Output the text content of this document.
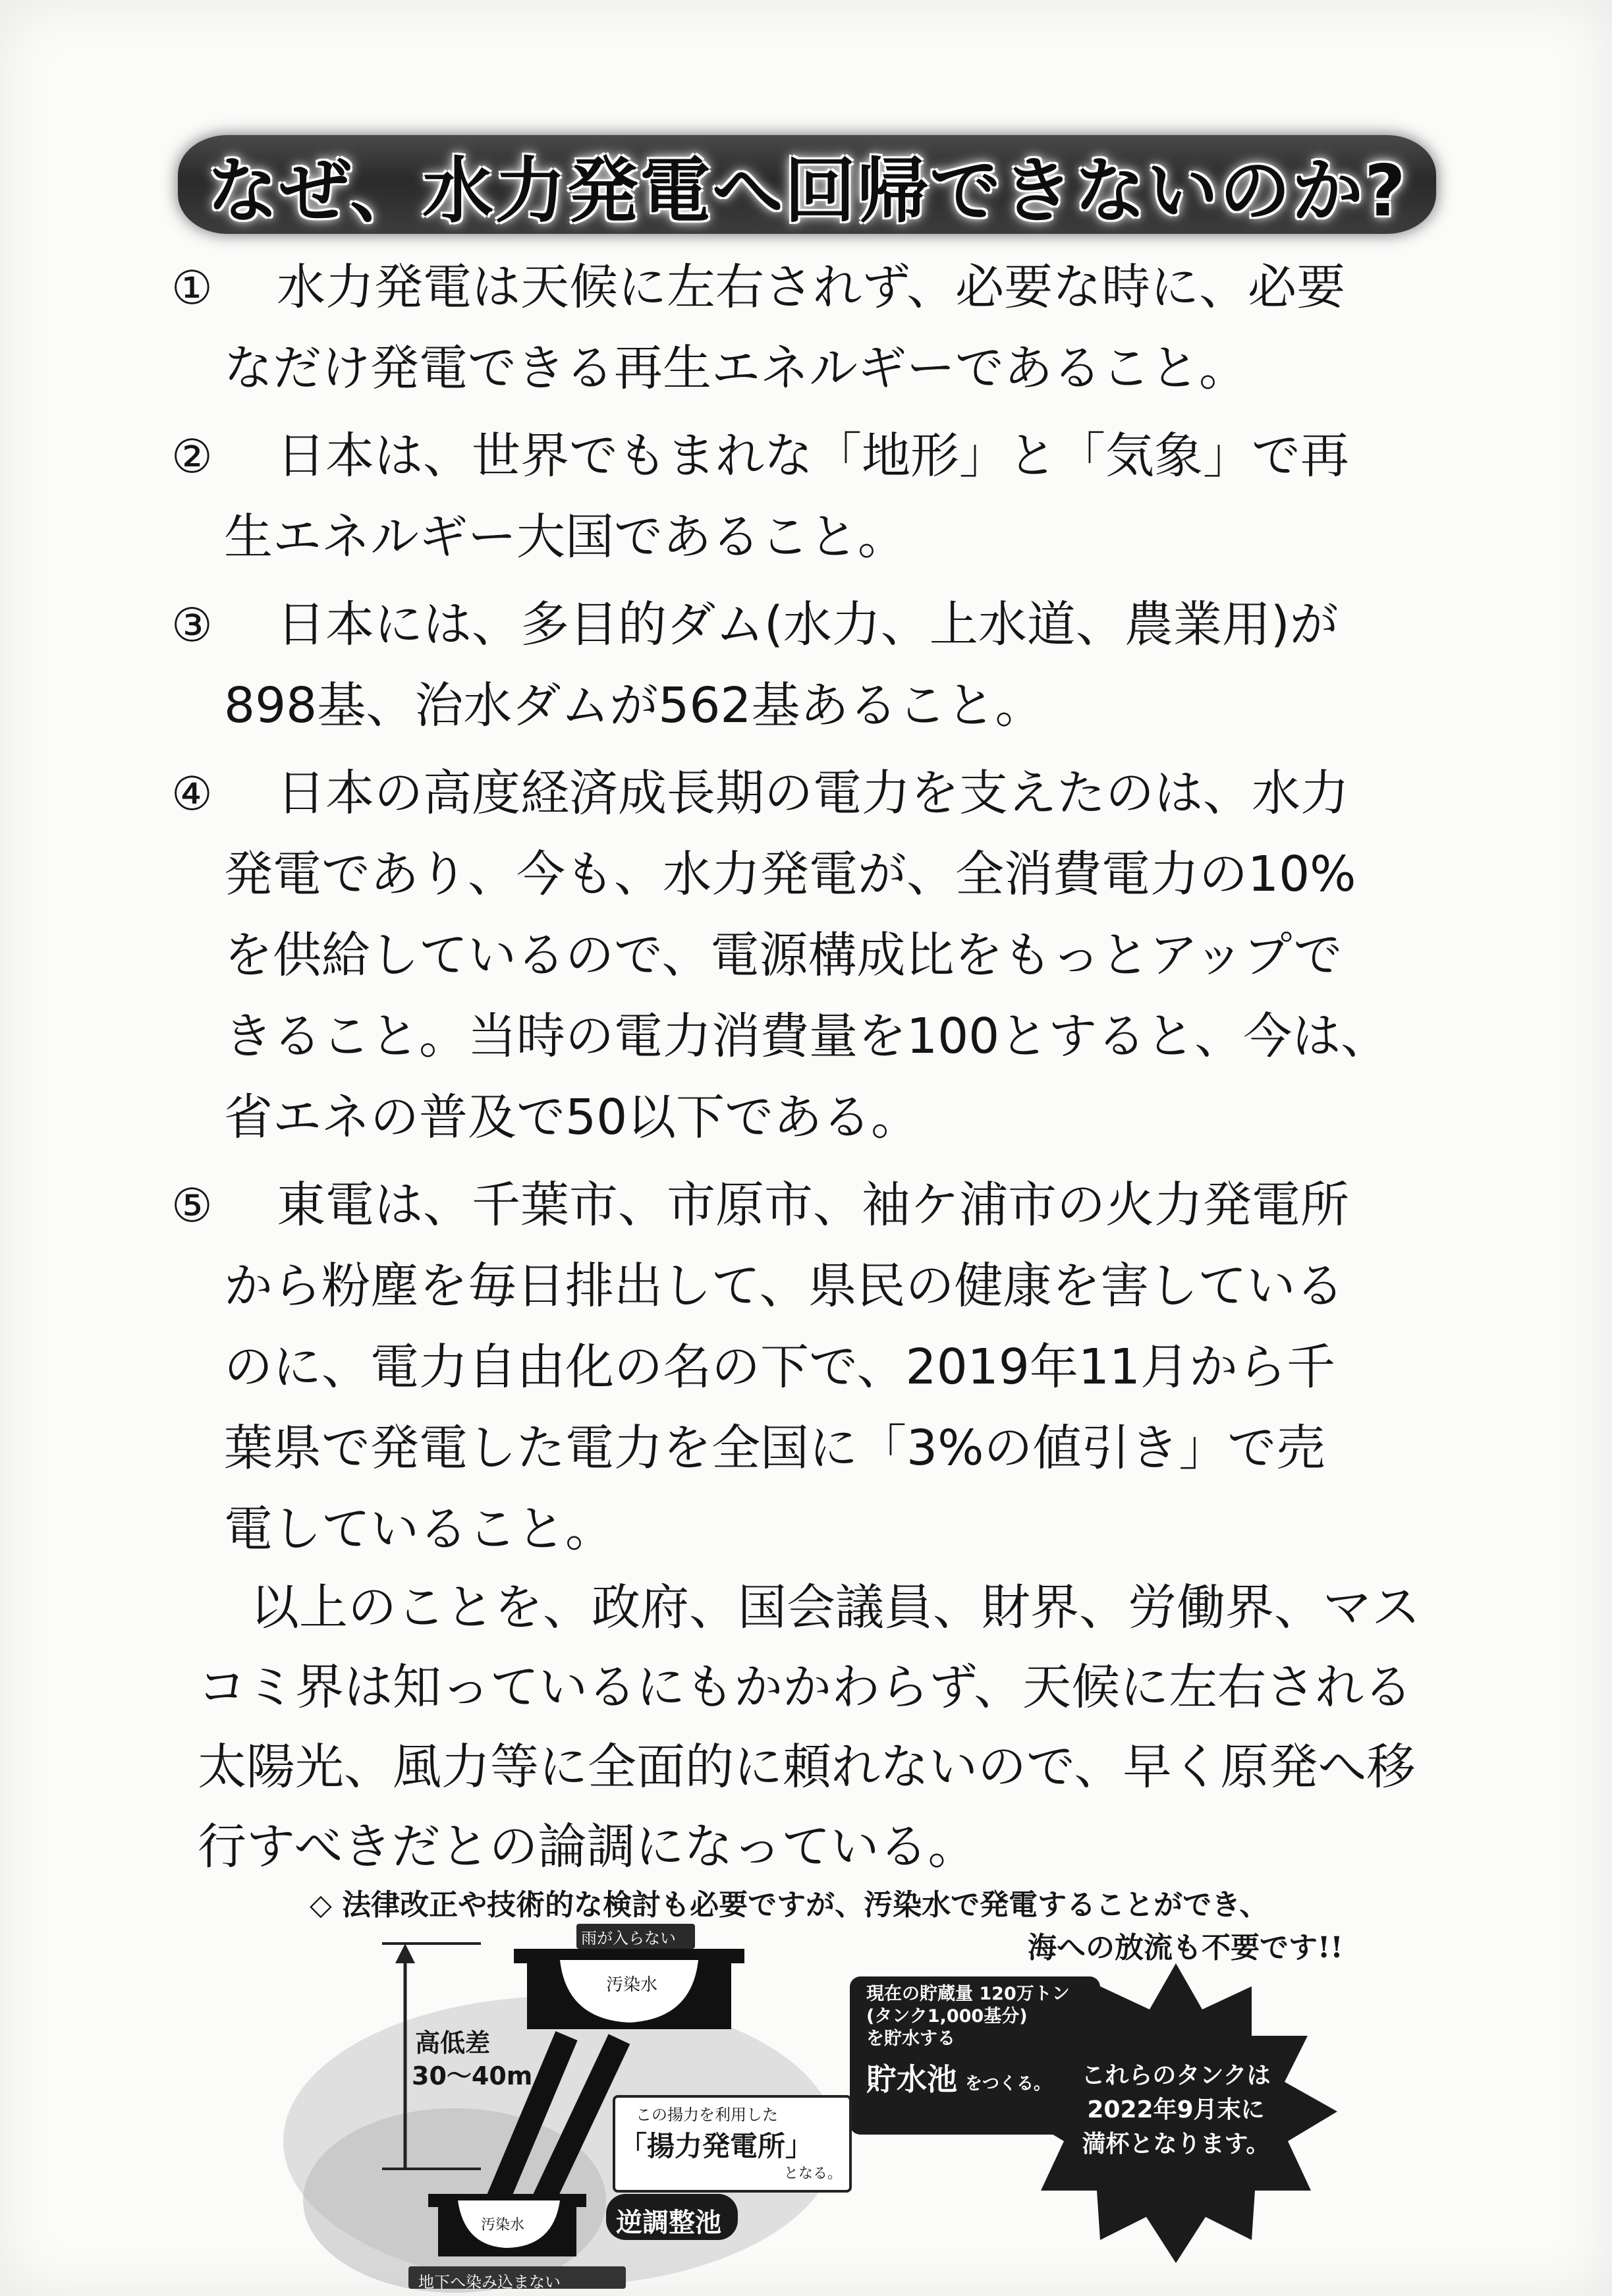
なぜ、水力発電へ回帰できないのか?
① 水力発電は天候に左右されず、必要な時に、必要
なだけ発電できる再生エネルギーであること。
② 日本は、世界でもまれな「地形」と「気象」で再
生エネルギー大国であること。
③ 日本には、多目的ダム(水力、上水道、農業用)が
898基、治水ダムが562基あること。
④ 日本の高度経済成長期の電力を支えたのは、水力
発電であり、今も、水力発電が、全消費電力の10%
を供給しているので、電源構成比をもっとアップで
きること。当時の電力消費量を100とすると、今は、
省エネの普及で50以下である。
⑤ 東電は、千葉市、市原市、袖ケ浦市の火力発電所
から粉塵を毎日排出して、県民の健康を害している
のに、電力自由化の名の下で、2019年11月から千
葉県で発電した電力を全国に「3%の値引き」で売
電していること。
以上のことを、政府、国会議員、財界、労働界、マス
コミ界は知っているにもかかわらず、天候に左右される
太陽光、風力等に全面的に頼れないので、早く原発へ移
行すべきだとの論調になっている。
◇ 法律改正や技術的な検討も必要ですが、汚染水で発電することができ、
海への放流も不要です!!
雨が入らない
汚染水
高低差
30～40m
現在の貯蔵量 120万トン
(タンク1,000基分)
を貯水する
貯水池 をつくる。
この揚力を利用した
「揚力発電所」
となる。
汚染水	逆調整池
地下へ染み込まない
これらのタンクは
2022年9月末に
満杯となります。
